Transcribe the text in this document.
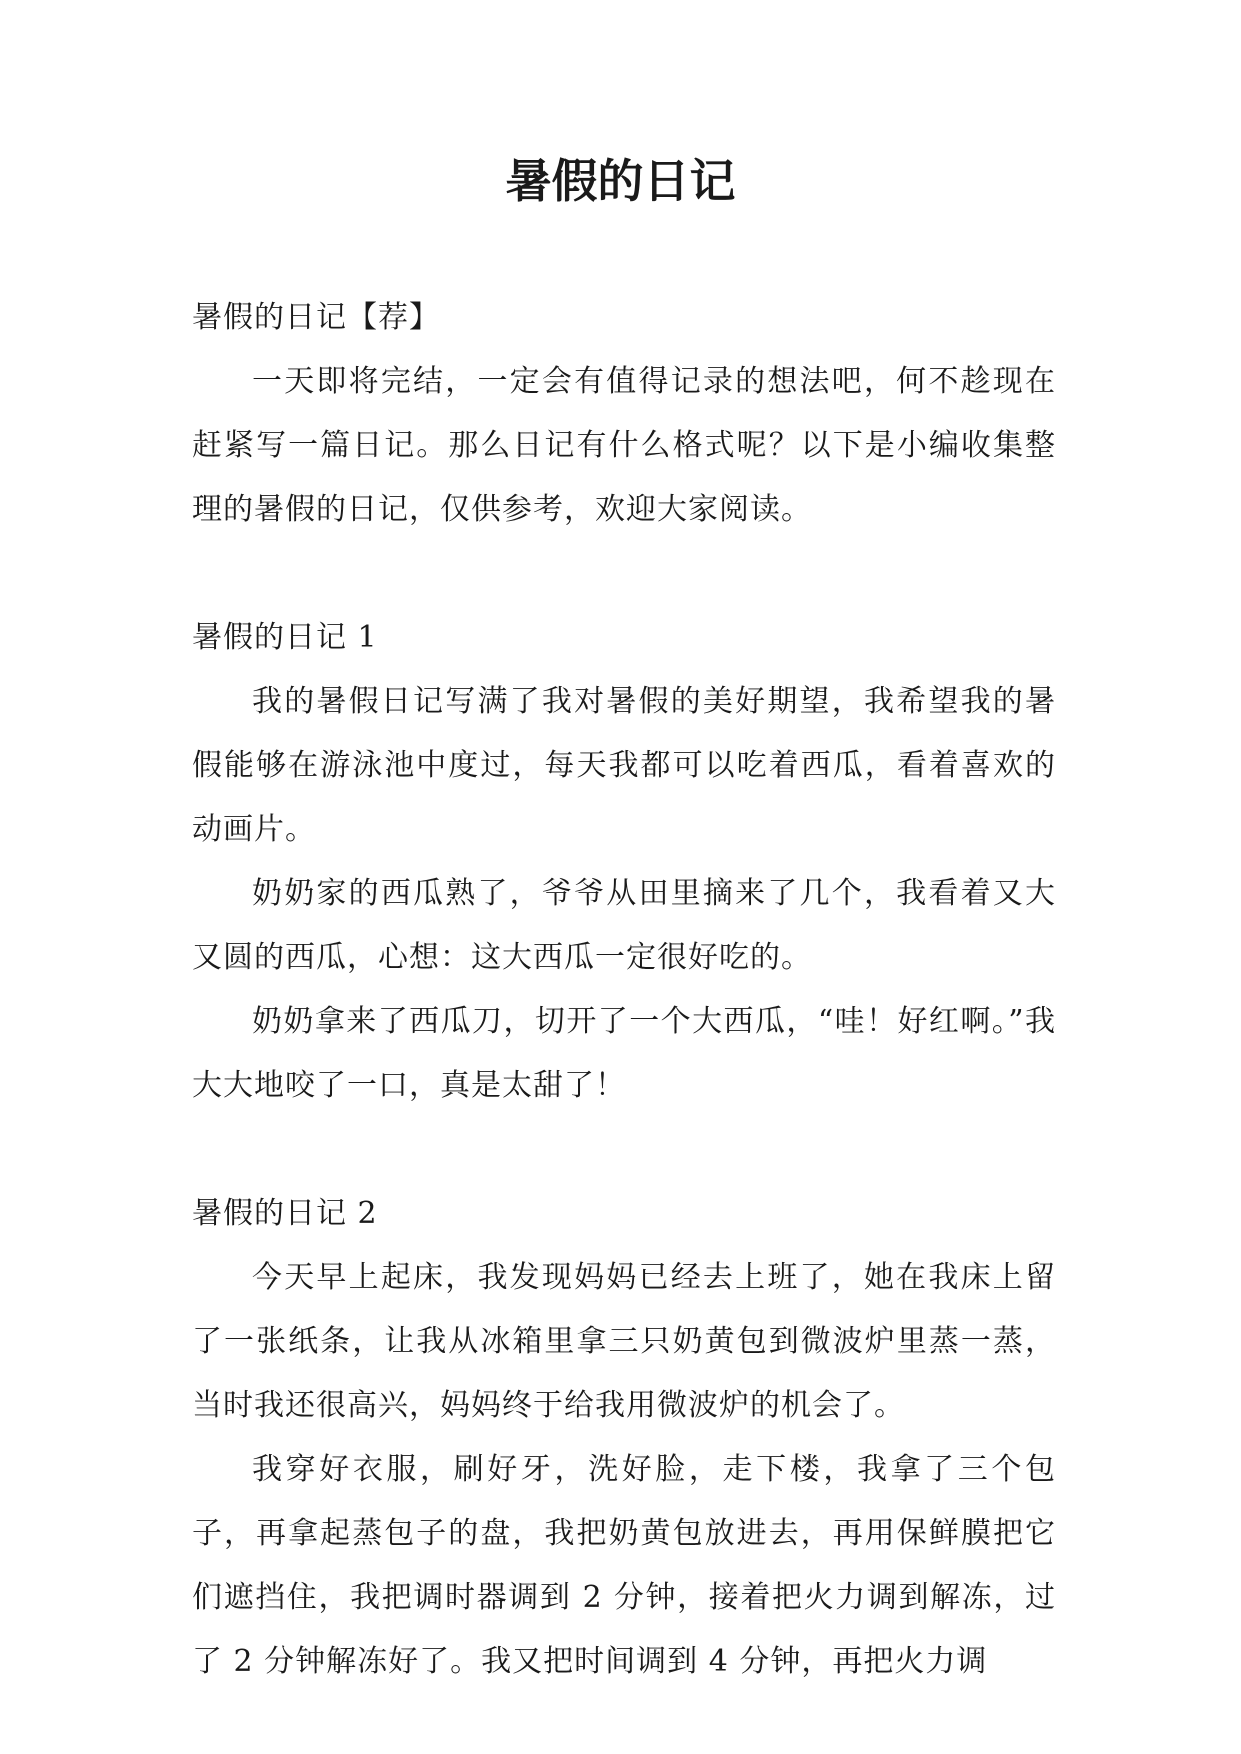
暑假的日记

暑假的日记【荐】

一天即将完结，一定会有值得记录的想法吧，何不趁现在赶紧写一篇日记。那么日记有什么格式呢？以下是小编收集整理的暑假的日记，仅供参考，欢迎大家阅读。

暑假的日记 1

我的暑假日记写满了我对暑假的美好期望，我希望我的暑假能够在游泳池中度过，每天我都可以吃着西瓜，看着喜欢的动画片。

奶奶家的西瓜熟了，爷爷从田里摘来了几个，我看着又大又圆的西瓜，心想：这大西瓜一定很好吃的。

奶奶拿来了西瓜刀，切开了一个大西瓜，“哇！好红啊。”我大大地咬了一口，真是太甜了！

暑假的日记 2

今天早上起床，我发现妈妈已经去上班了，她在我床上留了一张纸条，让我从冰箱里拿三只奶黄包到微波炉里蒸一蒸，当时我还很高兴，妈妈终于给我用微波炉的机会了。

我穿好衣服，刷好牙，洗好脸，走下楼，我拿了三个包子，再拿起蒸包子的盘，我把奶黄包放进去，再用保鲜膜把它们遮挡住，我把调时器调到 2 分钟，接着把火力调到解冻，过了 2 分钟解冻好了。我又把时间调到 4 分钟，再把火力调
